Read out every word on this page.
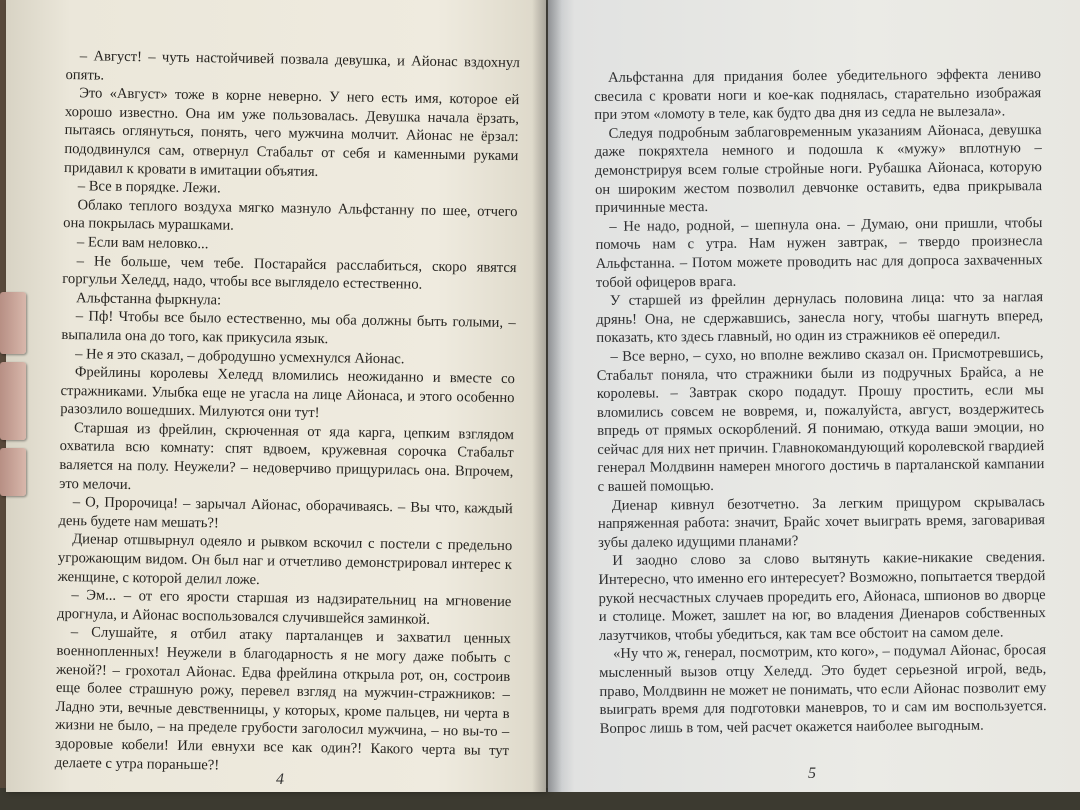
– Август! – чуть настойчивей позвала девушка, и Айонас вздохнул опять.

Это «Август» тоже в корне неверно. У него есть имя, которое ей хорошо известно. Она им уже пользовалась. Девушка начала ёрзать, пытаясь оглянуться, понять, чего мужчина молчит. Айонас не ёрзал: пододвинулся сам, отвернул Стабальт от себя и каменными руками придавил к кровати в имитации объятия.

– Все в порядке. Лежи.

Облако теплого воздуха мягко мазнуло Альфстанну по шее, отчего она покрылась мурашками.

– Если вам неловко...

– Не больше, чем тебе. Постарайся расслабиться, скоро явятся горгульи Хеледд, надо, чтобы все выглядело естественно.

Альфстанна фыркнула:

– Пф! Чтобы все было естественно, мы оба должны быть голыми, – выпалила она до того, как прикусила язык.

– Не я это сказал, – добродушно усмехнулся Айонас.

Фрейлины королевы Хеледд вломились неожиданно и вместе со стражниками. Улыбка еще не угасла на лице Айонаса, и этого особенно разозлило вошедших. Милуются они тут!

Старшая из фрейлин, скрюченная от яда карга, цепким взглядом охватила всю комнату: спят вдвоем, кружевная сорочка Стабальт валяется на полу. Неужели? – недоверчиво прищурилась она. Впрочем, это мелочи.

– О, Пророчица! – зарычал Айонас, оборачиваясь. – Вы что, каждый день будете нам мешать?!

Диенар отшвырнул одеяло и рывком вскочил с постели с предельно угрожающим видом. Он был наг и отчетливо демонстрировал интерес к женщине, с которой делил ложе.

– Эм... – от его ярости старшая из надзирательниц на мгновение дрогнула, и Айонас воспользовался случившейся заминкой.

– Слушайте, я отбил атаку парталанцев и захватил ценных военнопленных! Неужели в благодарность я не могу даже побыть с женой?! – грохотал Айонас. Едва фрейлина открыла рот, он, состроив еще более страшную рожу, перевел взгляд на мужчин-стражников: – Ладно эти, вечные девственницы, у которых, кроме пальцев, ни черта в жизни не было, – на пределе грубости заголосил мужчина, – но вы-то – здоровые кобели! Или евнухи все как один?! Какого черта вы тут делаете с утра пораньше?!

Альфстанна для придания более убедительного эффекта лениво свесила с кровати ноги и кое-как поднялась, старательно изображая при этом «ломоту в теле, как будто два дня из седла не вылезала».

Следуя подробным заблаговременным указаниям Айонаса, девушка даже покряхтела немного и подошла к «мужу» вплотную – демонстрируя всем голые стройные ноги. Рубашка Айонаса, которую он широким жестом позволил девчонке оставить, едва прикрывала причинные места.

– Не надо, родной, – шепнула она. – Думаю, они пришли, чтобы помочь нам с утра. Нам нужен завтрак, – твердо произнесла Альфстанна. – Потом можете проводить нас для допроса захваченных тобой офицеров врага.

У старшей из фрейлин дернулась половина лица: что за наглая дрянь! Она, не сдержавшись, занесла ногу, чтобы шагнуть вперед, показать, кто здесь главный, но один из стражников её опередил.

– Все верно, – сухо, но вполне вежливо сказал он. Присмотревшись, Стабальт поняла, что стражники были из подручных Брайса, а не королевы. – Завтрак скоро подадут. Прошу простить, если мы вломились совсем не вовремя, и, пожалуйста, август, воздержитесь впредь от прямых оскорблений. Я понимаю, откуда ваши эмоции, но сейчас для них нет причин. Главнокомандующий королевской гвардией генерал Молдвинн намерен многого достичь в парталанской кампании с вашей помощью.

Диенар кивнул безотчетно. За легким прищуром скрывалась напряженная работа: значит, Брайс хочет выиграть время, заговаривая зубы далеко идущими планами?

И заодно слово за слово вытянуть какие-никакие сведения. Интересно, что именно его интересует? Возможно, попытается твердой рукой несчастных случаев проредить его, Айонаса, шпионов во дворце и столице. Может, зашлет на юг, во владения Диенаров собственных лазутчиков, чтобы убедиться, как там все обстоит на самом деле.

«Ну что ж, генерал, посмотрим, кто кого», – подумал Айонас, бросая мысленный вызов отцу Хеледд. Это будет серьезной игрой, ведь, право, Молдвинн не может не понимать, что если Айонас позволит ему выиграть время для подготовки маневров, то и сам им воспользуется. Вопрос лишь в том, чей расчет окажется наиболее выгодным.

4	5
